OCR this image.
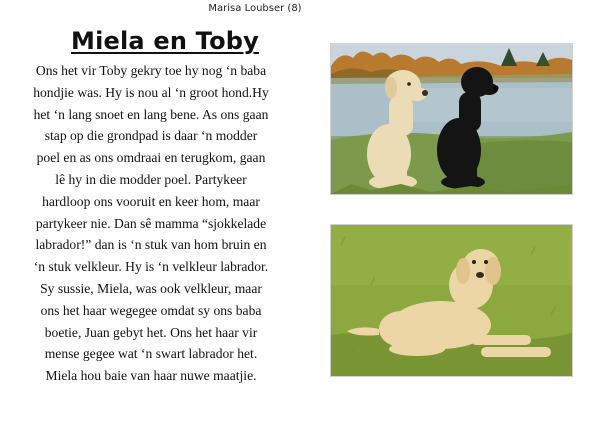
Marisa Loubser (8)
Miela en Toby
Ons het vir Toby gekry toe hy nog ‘n baba
hondjie was. Hy is nou al ‘n groot hond.Hy
het ‘n lang snoet en lang bene. As ons gaan
stap op die grondpad is daar ‘n modder
poel en as ons omdraai en terugkom, gaan
lê hy in die modder poel. Partykeer
hardloop ons vooruit en keer hom, maar
partykeer nie. Dan sê mamma “sjokkelade
labrador!” dan is ‘n stuk van hom bruin en
‘n stuk velkleur. Hy is ‘n velkleur labrador.
Sy sussie, Miela, was ook velkleur, maar
ons het haar wegegee omdat sy ons baba
boetie, Juan gebyt het. Ons het haar vir
mense gegee wat ‘n swart labrador het.
Miela hou baie van haar nuwe maatjie.
